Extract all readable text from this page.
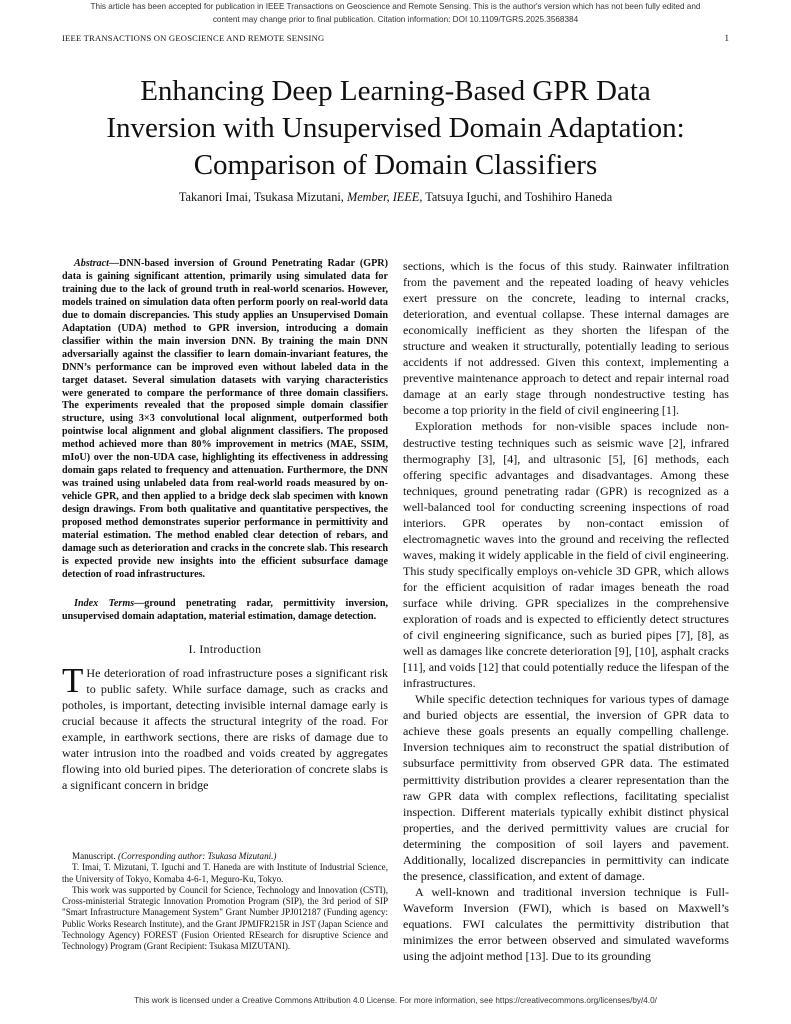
This article has been accepted for publication in IEEE Transactions on Geoscience and Remote Sensing. This is the author's version which has not been fully edited and
content may change prior to final publication. Citation information: DOI 10.1109/TGRS.2025.3568384
IEEE TRANSACTIONS ON GEOSCIENCE AND REMOTE SENSING	1
Enhancing Deep Learning-Based GPR Data
Inversion with Unsupervised Domain Adaptation:
Comparison of Domain Classifiers
Takanori Imai, Tsukasa Mizutani, Member, IEEE, Tatsuya Iguchi, and Toshihiro Haneda

Abstract—DNN-based inversion of Ground Penetrating Radar (GPR) data is gaining significant attention, primarily using simulated data for training due to the lack of ground truth in real-world scenarios. However, models trained on simulation data often perform poorly on real-world data due to domain discrepancies. This study applies an Unsupervised Domain Adaptation (UDA) method to GPR inversion, introducing a domain classifier within the main inversion DNN. By training the main DNN adversarially against the classifier to learn domain-invariant features, the DNN’s performance can be improved even without labeled data in the target dataset. Several simulation datasets with varying characteristics were generated to compare the performance of three domain classifiers. The experiments revealed that the proposed simple domain classifier structure, using 3×3 convolutional local alignment, outperformed both pointwise local alignment and global alignment classifiers. The proposed method achieved more than 80% improvement in metrics (MAE, SSIM, mIoU) over the non-UDA case, highlighting its effectiveness in addressing domain gaps related to frequency and attenuation. Furthermore, the DNN was trained using unlabeled data from real-world roads measured by on-vehicle GPR, and then applied to a bridge deck slab specimen with known design drawings. From both qualitative and quantitative perspectives, the proposed method demonstrates superior performance in permittivity and material estimation. The method enabled clear detection of rebars, and damage such as deterioration and cracks in the concrete slab. This research is expected provide new insights into the efficient subsurface damage detection of road infrastructures.

Index Terms—ground penetrating radar, permittivity inversion, unsupervised domain adaptation, material estimation, damage detection.

I. Introduction

T He deterioration of road infrastructure poses a significant risk to public safety. While surface damage, such as cracks and potholes, is important, detecting invisible internal damage early is crucial because it affects the structural integrity of the road. For example, in earthwork sections, there are risks of damage due to water intrusion into the roadbed and voids created by aggregates flowing into old buried pipes. The deterioration of concrete slabs is a significant concern in bridge

sections, which is the focus of this study. Rainwater infiltration from the pavement and the repeated loading of heavy vehicles exert pressure on the concrete, leading to internal cracks, deterioration, and eventual collapse. These internal damages are economically inefficient as they shorten the lifespan of the structure and weaken it structurally, potentially leading to serious accidents if not addressed. Given this context, implementing a preventive maintenance approach to detect and repair internal road damage at an early stage through nondestructive testing has become a top priority in the field of civil engineering [1].

Exploration methods for non-visible spaces include non-destructive testing techniques such as seismic wave [2], infrared thermography [3], [4], and ultrasonic [5], [6] methods, each offering specific advantages and disadvantages. Among these techniques, ground penetrating radar (GPR) is recognized as a well-balanced tool for conducting screening inspections of road interiors. GPR operates by non-contact emission of electromagnetic waves into the ground and receiving the reflected waves, making it widely applicable in the field of civil engineering. This study specifically employs on-vehicle 3D GPR, which allows for the efficient acquisition of radar images beneath the road surface while driving. GPR specializes in the comprehensive exploration of roads and is expected to efficiently detect structures of civil engineering significance, such as buried pipes [7], [8], as well as damages like concrete deterioration [9], [10], asphalt cracks [11], and voids [12] that could potentially reduce the lifespan of the infrastructures.

While specific detection techniques for various types of damage and buried objects are essential, the inversion of GPR data to achieve these goals presents an equally compelling challenge. Inversion techniques aim to reconstruct the spatial distribution of subsurface permittivity from observed GPR data. The estimated permittivity distribution provides a clearer representation than the raw GPR data with complex reflections, facilitating specialist inspection. Different materials typically exhibit distinct physical properties, and the derived permittivity values are crucial for determining the composition of soil layers and pavement. Additionally, localized discrepancies in permittivity can indicate the presence, classification, and extent of damage.

A well-known and traditional inversion technique is Full-Waveform Inversion (FWI), which is based on Maxwell’s equations. FWI calculates the permittivity distribution that minimizes the error between observed and simulated waveforms using the adjoint method [13]. Due to its grounding

Manuscript. (Corresponding author: Tsukasa Mizutani.)

T. Imai, T. Mizutani, T. Iguchi and T. Haneda are with Institute of Industrial Science, the University of Tokyo, Komaba 4-6-1, Meguro-Ku, Tokyo.

This work was supported by Council for Science, Technology and Innovation (CSTI), Cross-ministerial Strategic Innovation Promotion Program (SIP), the 3rd period of SIP "Smart Infrastructure Management System" Grant Number JPJ012187 (Funding agency: Public Works Research Institute), and the Grant JPMJFR215R in JST (Japan Science and Technology Agency) FOREST (Fusion Oriented REsearch for disruptive Science and Technology) Program (Grant Recipient: Tsukasa MIZUTANI).

This work is licensed under a Creative Commons Attribution 4.0 License. For more information, see https://creativecommons.org/licenses/by/4.0/
